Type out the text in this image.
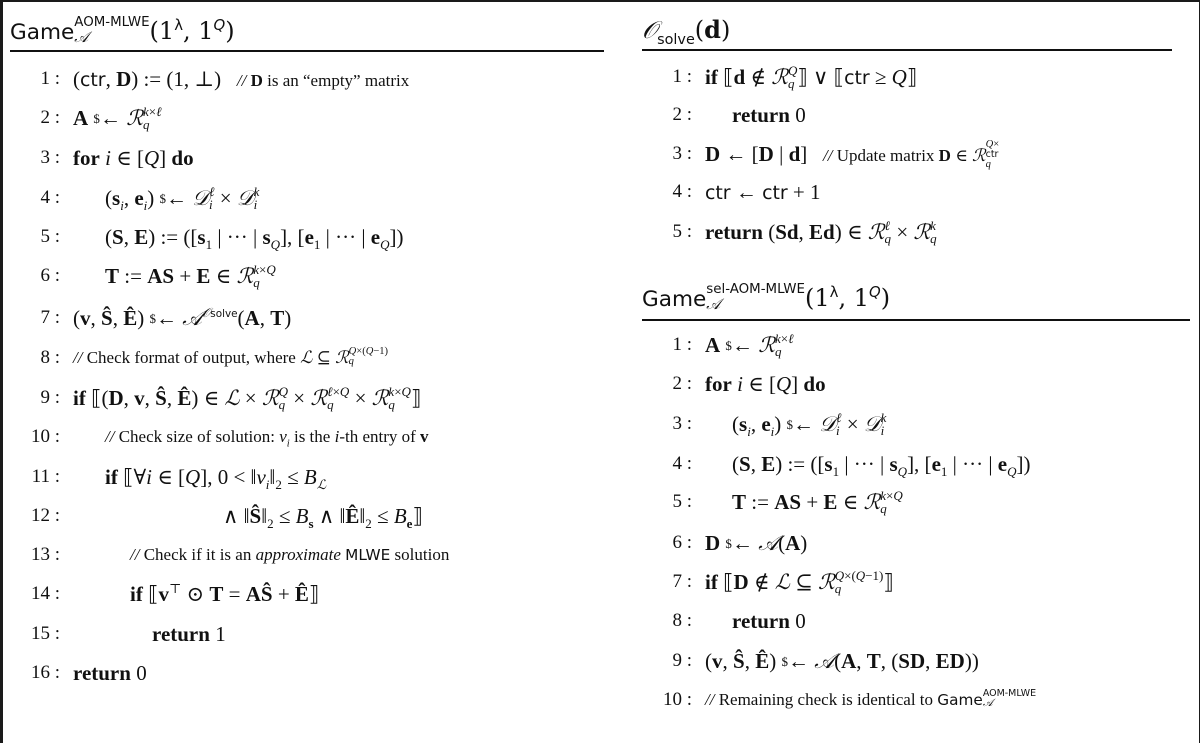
Game AOM-MLWE
𝒜	($1^\lambda$, $1^Q$)
1 : (ctr, D) := (1, ⊥)   // D is an “empty” matrix
2 : A $ ← ℛ k×ℓ
q
3 : for i ∈ [Q] do
4 : ($s_i$, $e_i$) $ ← 𝒟 ℓ
i × 𝒟 k
i
5 : (S, E) := ([$s_1$ | ··· | $s_Q$], [$e_1$ | ··· | $e_Q$])
6 : T := AS + E ∈ ℛ k×Q
q
7 : (v, Ŝ, Ê) $ ← 𝒜$^{𝒪solve}$(A, T)
8 : // Check format of output, where ℒ ⊆ ℛ Q×(Q−1)
q
9 : if ⟦(D, v, Ŝ, Ê) ∈ ℒ × ℛ Q
q × ℛ ℓ×Q
q × ℛ k×Q
q ⟧
10 :	// Check size of solution: $v_i$ is the i-th entry of v
11 : if ⟦∀i ∈ [Q], $0 < ‖v_i‖_2 \le B_ℒ$
12 :	∧ $‖Ŝ‖_2 \le B_s$ ∧ $‖Ê‖_2$ ≤ $B_e⟧$
13 :	// Check if it is an approximate MLWE solution
14 :	if ⟦v⊤ ⊙ T = AŜ + Ê⟧
15 :	return 1
16 : return 0
𝒪$_{solve}$(d)
1 : if ⟦d ∉ ℛ Q
q ⟧ ∨ ⟦ctr ≥ Q⟧
2 : return 0
3 : D ← [D | d]   // Update matrix D ∈ ℛ
Q×
ctr
q
4 : ctr ← ctr + 1
5 : return (Sd, Ed) ∈ ℛ ℓ
q × ℛ k
q
Game sel-AOM-MLWE
𝒜	($1^\lambda$, $1^Q$)
1 : A $ ← ℛ k×ℓ
q
2 : for i ∈ [Q] do
3 : ($s_i$, $e_i$) $ ← 𝒟 ℓ
i × 𝒟 k
i
4 : (S, E) := ([$s_1$ | ··· | $s_Q$], [$e_1$ | ··· | $e_Q$])
5 : T := AS + E ∈ ℛ k×Q
q
6 : D $ ← 𝒜(A)
7 : if ⟦D ∉ ℒ ⊆ ℛ Q×(Q−1)
q	⟧
8 : return 0
9 : (v, Ŝ, Ê) $ ← 𝒜(A, T, (SD, ED))
10 : // Remaining check is identical to Game AOM-MLWE
𝒜
